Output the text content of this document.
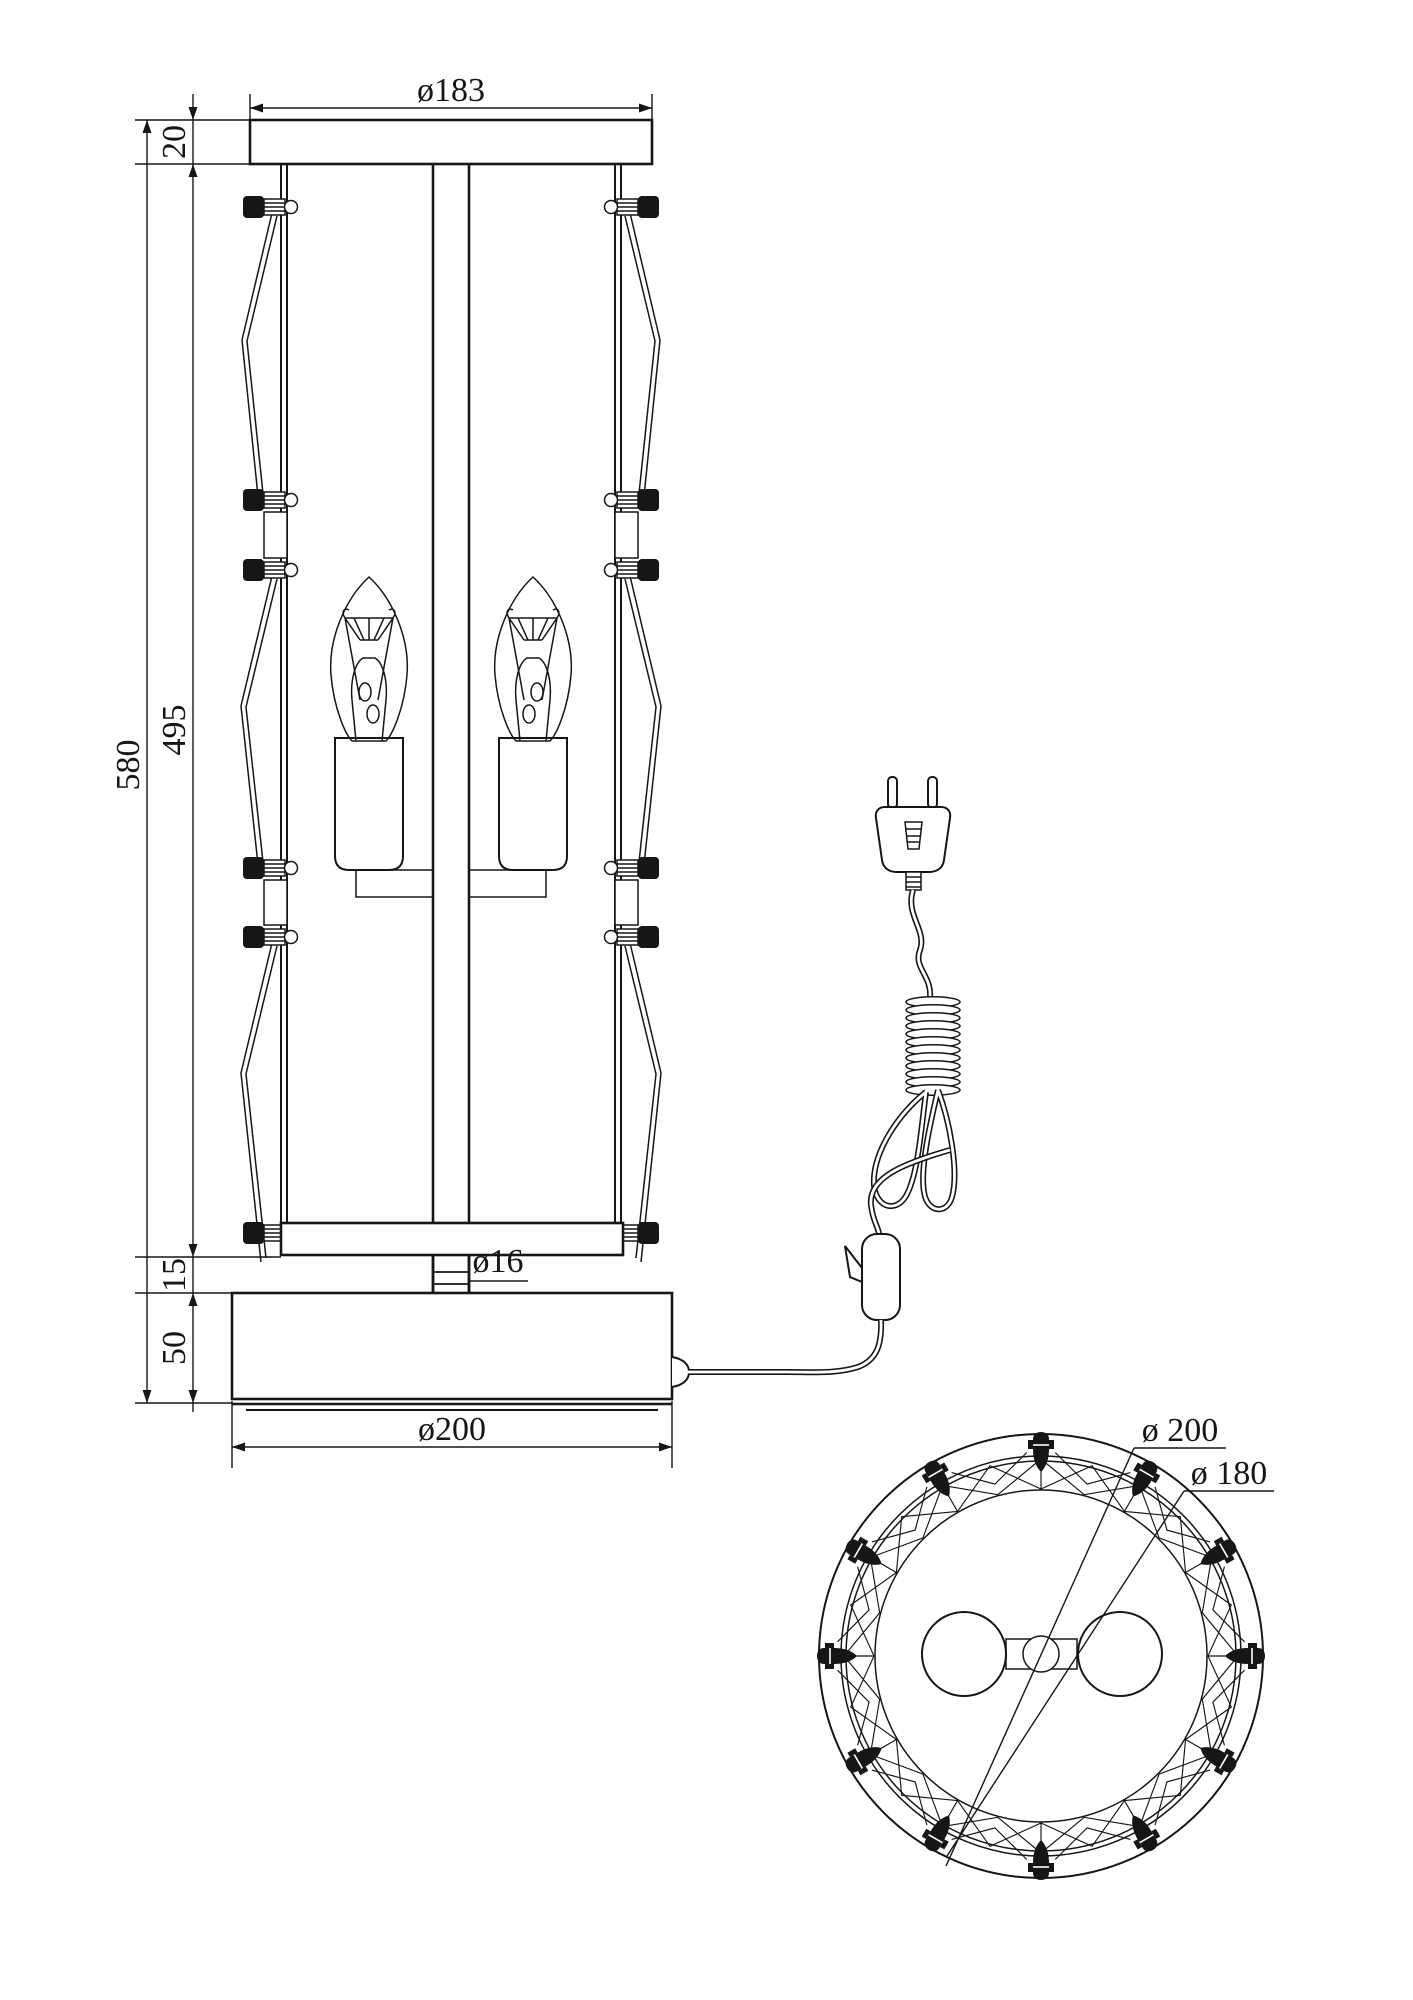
ø183
580
495
20
15
50
ø16
ø200	ø 200
ø 180
